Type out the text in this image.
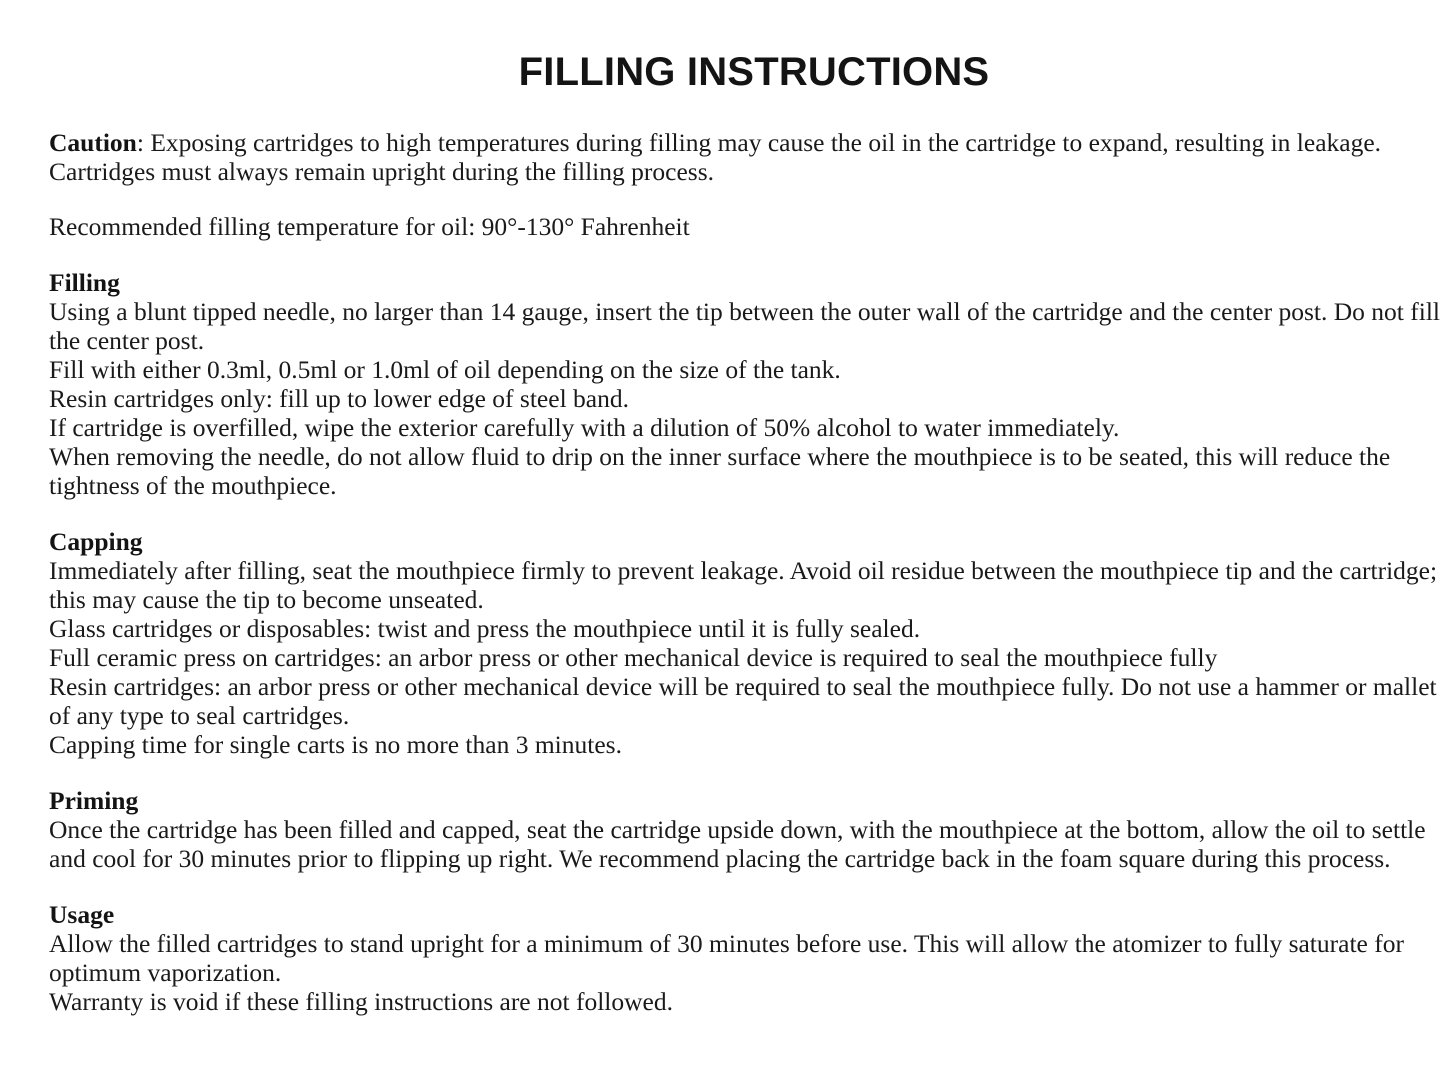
FILLING INSTRUCTIONS

Caution: Exposing cartridges to high temperatures during filling may cause the oil in the cartridge to expand, resulting in leakage. Cartridges must always remain upright during the filling process.

Recommended filling temperature for oil: 90°-130° Fahrenheit

Filling
Using a blunt tipped needle, no larger than 14 gauge, insert the tip between the outer wall of the cartridge and the center post. Do not fill the center post.
Fill with either 0.3ml, 0.5ml or 1.0ml of oil depending on the size of the tank.
Resin cartridges only: fill up to lower edge of steel band.
If cartridge is overfilled, wipe the exterior carefully with a dilution of 50% alcohol to water immediately.
When removing the needle, do not allow fluid to drip on the inner surface where the mouthpiece is to be seated, this will reduce the tightness of the mouthpiece.
Capping
Immediately after filling, seat the mouthpiece firmly to prevent leakage. Avoid oil residue between the mouthpiece tip and the cartridge; this may cause the tip to become unseated.
Glass cartridges or disposables: twist and press the mouthpiece until it is fully sealed.
Full ceramic press on cartridges: an arbor press or other mechanical device is required to seal the mouthpiece fully
Resin cartridges: an arbor press or other mechanical device will be required to seal the mouthpiece fully. Do not use a hammer or mallet of any type to seal cartridges.
Capping time for single carts is no more than 3 minutes.
Priming
Once the cartridge has been filled and capped, seat the cartridge upside down, with the mouthpiece at the bottom, allow the oil to settle and cool for 30 minutes prior to flipping up right. We recommend placing the cartridge back in the foam square during this process.
Usage
Allow the filled cartridges to stand upright for a minimum of 30 minutes before use. This will allow the atomizer to fully saturate for optimum vaporization.
Warranty is void if these filling instructions are not followed.
